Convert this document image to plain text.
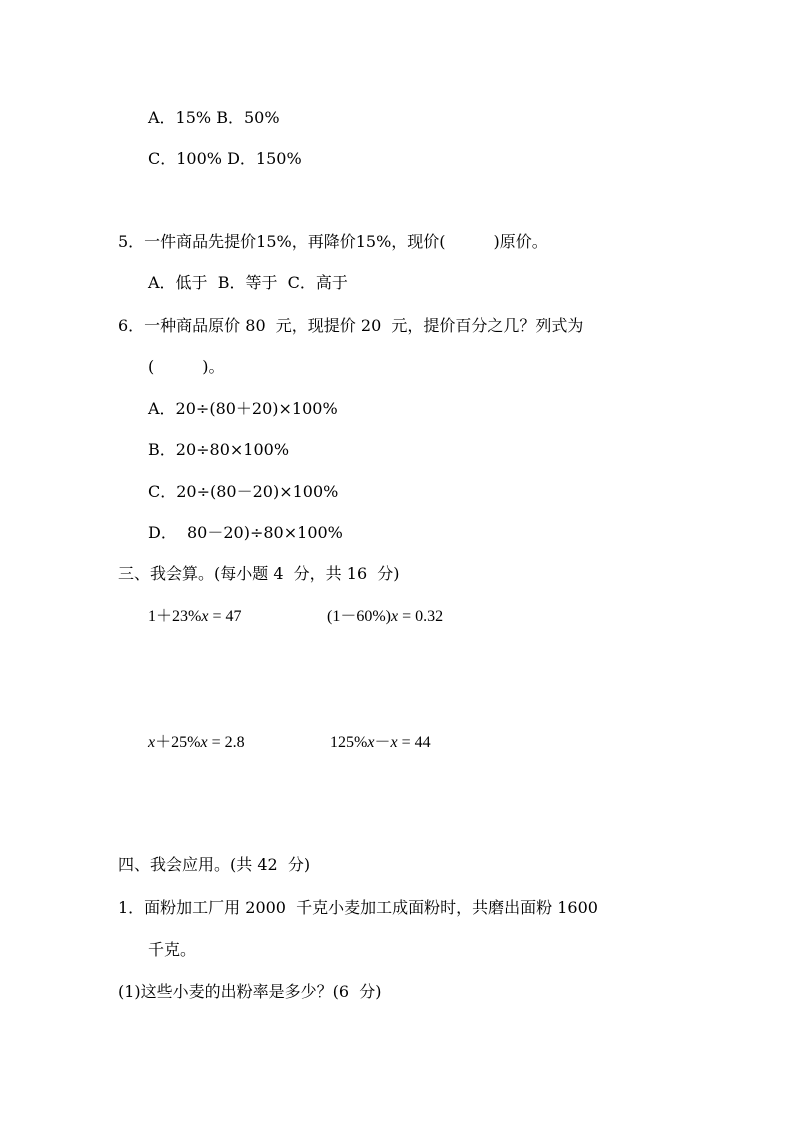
A．15% B．50%
C．100% D．150%
5．一件商品先提价15%，再降价15%，现价(　　　)原价。
A．低于  B．等于  C．高于
6．一种商品原价 80  元，现提价 20  元，提价百分之几？列式为
(　　　)。
A．20÷(80＋20)×100%
B．20÷80×100%
C．20÷(80－20)×100%
D．  80－20)÷80×100%
三、我会算。(每小题 4  分，共 16  分)
1＋23%x = 47	(1－60%)x = 0.32
x＋25%x = 2.8	125%x－x = 44
四、我会应用。(共 42  分)
1．面粉加工厂用 2000  千克小麦加工成面粉时，共磨出面粉 1600
千克。
(1)这些小麦的出粉率是多少？(6  分)
